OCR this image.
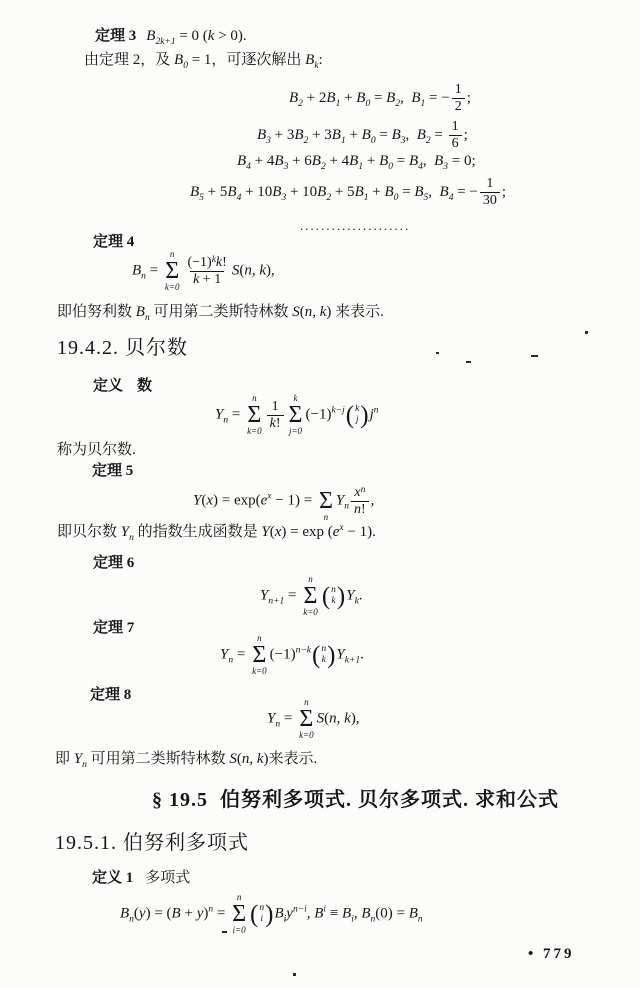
定理 3 $B_{2k+1} = 0$ (k > 0).
由定理 2，及 $B_0 = 1$，可逐次解出 $B_k$:
$B_2 + 2B_1 + B_0 = B_2$,  $B_1$ = − $\frac{1}{2}$ ;
$B_3 + 3B_2 + 3B_1 + B_0 = B_3$,  $B_2 = \frac{1}{6}$ ;
$B_4 + 4B_3 + 6B_2 + 4B_1 + B_0 = B_4$,  $B_3 = 0$;
$B_5 + 5B_4 + 10B_3 + 10B_2 + 5B_1 + B_0 = B_5$,  $B_4$ = − $\frac{1}{30}$ ;
.....................
定理 4
$B_n$ =
n
Σ
$k=0 \frac{(-1)^kk!}{k + 1} S(n$, k),
即伯努利数 $B_n$ 可用第二类斯特林数 S(n, k) 来表示.
19.4.2. 贝尔数
定义 数
$Y_n$ =
n
Σ
$k=0 \frac{1}{k!}$
k
Σ
j=0
$(-1)^{k-j}$ ( k
j ) $j^n$
称为贝尔数.
定理 5
$Y(x) = \exp(e^x - 1)$ =
Σ
n
$Y_n \frac{x^n}{n!}$ ,
即贝尔数 $Y_n$ 的指数生成函数是 $Y(x) = \exp (e^x - 1)$.
定理 6
$Y_{n+1}$ =
n
Σ
k=0
( n
k ) $Y_k$.
定理 7
$Y_n$ =
n
Σ
k=0
$(-1)^{n-k}$ ( n
k ) $Y_{k+1}$.
定理 8
$Y_n$ =
n
Σ
k=0
S(n, k),
即 $Y_n$ 可用第二类斯特林数 S(n, k)来表示.
§ 19.5 伯努利多项式. 贝尔多项式. 求和公式
19.5.1. 伯努利多项式
定义 1 多项式
$B_n(y) = (B + y)^n$ =
n
Σ
i=0
( n
i ) $B_iy^{n-i}$, $B^i \equiv B_i$, $B_n(0) = B_n$
• 779
